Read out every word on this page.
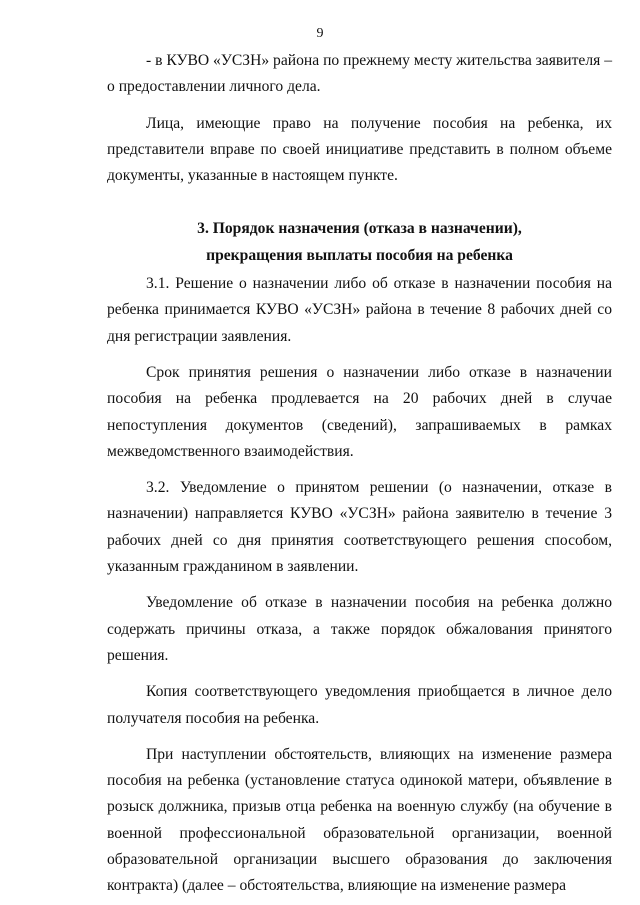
9

- в КУВО «УСЗН» района по прежнему месту жительства заявителя – о предоставлении личного дела.

Лица, имеющие право на получение пособия на ребенка, их представители вправе по своей инициативе представить в полном объеме документы, указанные в настоящем пункте.

3. Порядок назначения (отказа в назначении),

прекращения выплаты пособия на ребенка

3.1. Решение о назначении либо об отказе в назначении пособия на ребенка принимается КУВО «УСЗН» района в течение 8 рабочих дней со дня регистрации заявления.

Срок принятия решения о назначении либо отказе в назначении пособия на ребенка продлевается на 20 рабочих дней в случае непоступления документов (сведений), запрашиваемых в рамках межведомственного взаимодействия.

3.2. Уведомление о принятом решении (о назначении, отказе в назначении) направляется КУВО «УСЗН» района заявителю в течение 3 рабочих дней со дня принятия соответствующего решения способом, указанным гражданином в заявлении.

Уведомление об отказе в назначении пособия на ребенка должно содержать причины отказа, а также порядок обжалования принятого решения.

Копия соответствующего уведомления приобщается в личное дело получателя пособия на ребенка.

При наступлении обстоятельств, влияющих на изменение размера пособия на ребенка (установление статуса одинокой матери, объявление в розыск должника, призыв отца ребенка на военную службу (на обучение в военной профессиональной образовательной организации, военной образовательной организации высшего образования до заключения контракта) (далее – обстоятельства, влияющие на изменение размера
